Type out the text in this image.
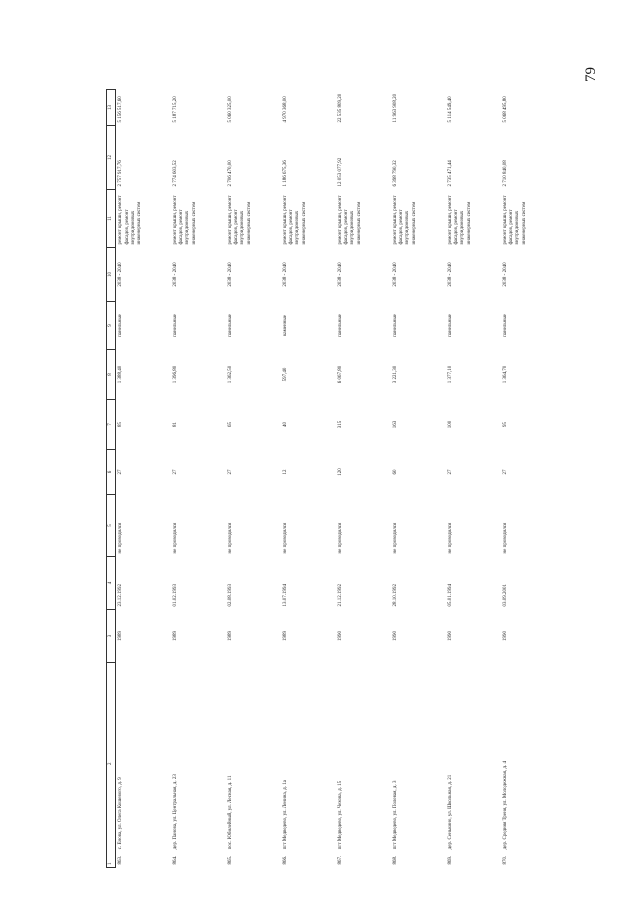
79
1
2	3	4	5	6	7	8	9	10	11	12	13
863. с. Енова, ул. Олега Кошевого, д. 9	1989	23.12.1992	не проводился	27	85	1 388,40	панельные	2038 - 2040	ремонт крыши, ремонт фасадов, ремонт внутридомовых инженерных систем	2 757 917,76	5 156 517,60
864. дер. Панова, ул. Центральная, д. 23	1989	01.02.1993	не проводился	27	81	1 396,80	панельные	2038 - 2040	ремонт крыши, ремонт фасадов, ремонт внутридомовых инженерных систем	2 774 603,52	5 187 715,20
865. пос. Юбилейный, ул. Лесная, д. 11	1989	02.08.1993	не проводился	27	65	1 362,50	панельные	2038 - 2040	ремонт крыши, ремонт фасадов, ремонт внутридомовых инженерных систем	2 706 470,00	5 060 325,00
866. пгт Медведево, ул. Ленина, д. 1а	1989	13.07.1994	не проводился	12	40	597,40	каменные	2038 - 2040	ремонт крыши, ремонт фасадов, ремонт внутридомовых инженерных систем	1 186 675,36	4 970 368,00
867. пгт Медведево, ул. Чехова, д. 15	1990	21.12.1992	не проводился	120	315	6 067,80	панельные	2038 - 2040	ремонт крыши, ремонт фасадов, ремонт внутридомовых инженерных систем	12 053 077,92	22 535 809,20
868. пгт Медведево, ул. Полевая, д. 3	1990	28.10.1992	не проводился	60	163	3 221,30	панельные	2038 - 2040	ремонт крыши, ремонт фасадов, ремонт внутридомовых инженерных систем	6 398 790,32	11 963 908,20
869. дер. Сенькино, ул. Школьная, д. 21	1990	05.01.1994	не проводился	27	100	1 377,10	панельные	2038 - 2040	ремонт крыши, ремонт фасадов, ремонт внутридомовых инженерных систем	2 735 471,44	5 114 549,40
870. дер. Средняя Треня, ул. Молодежная, д. 4	1990	03.09.2001	не проводился	27	95	1 364,70	панельные	2038 - 2040	ремонт крыши, ремонт фасадов, ремонт внутридомовых инженерных систем	2 710 840,08	5 068 495,80
